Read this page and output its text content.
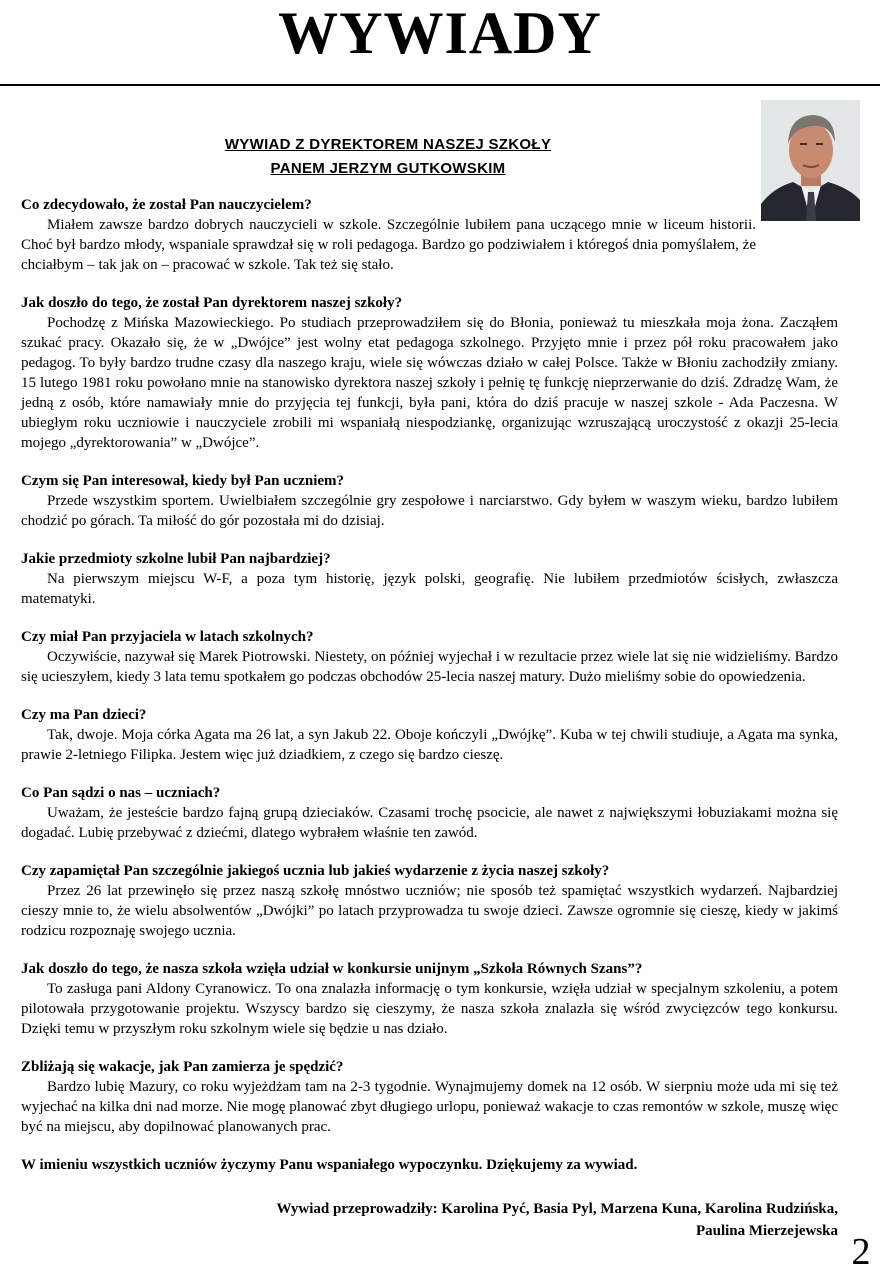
WYWIADY
WYWIAD Z DYREKTOREM NASZEJ SZKOŁY
PANEM JERZYM GUTKOWSKIM

Co zdecydowało, że został Pan nauczycielem?

Miałem zawsze bardzo dobrych nauczycieli w szkole. Szczególnie lubiłem pana uczącego mnie w liceum historii. Choć był bardzo młody, wspaniale sprawdzał się w roli pedagoga. Bardzo go podziwiałem i któregoś dnia pomyślałem, że chciałbym – tak jak on – pracować w szkole. Tak też się stało.

Jak doszło do tego, że został Pan dyrektorem naszej szkoły?

Pochodzę z Mińska Mazowieckiego. Po studiach przeprowadziłem się do Błonia, ponieważ tu mieszkała moja żona. Zacząłem szukać pracy. Okazało się, że w „Dwójce” jest wolny etat pedagoga szkolnego. Przyjęto mnie i przez pół roku pracowałem jako pedagog. To były bardzo trudne czasy dla naszego kraju, wiele się wówczas działo w całej Polsce. Także w Błoniu zachodziły zmiany. 15 lutego 1981 roku powołano mnie na stanowisko dyrektora naszej szkoły i pełnię tę funkcję nieprzerwanie do dziś. Zdradzę Wam, że jedną z osób, które namawiały mnie do przyjęcia tej funkcji, była pani, która do dziś pracuje w naszej szkole - Ada Paczesna. W ubiegłym roku uczniowie i nauczyciele zrobili mi wspaniałą niespodziankę, organizując wzruszającą uroczystość z okazji 25-lecia mojego „dyrektorowania” w „Dwójce”.

Czym się Pan interesował, kiedy był Pan uczniem?

Przede wszystkim sportem. Uwielbiałem szczególnie gry zespołowe i narciarstwo. Gdy byłem w waszym wieku, bardzo lubiłem chodzić po górach. Ta miłość do gór pozostała mi do dzisiaj.

Jakie przedmioty szkolne lubił Pan najbardziej?

Na pierwszym miejscu W-F, a poza tym historię, język polski, geografię. Nie lubiłem przedmiotów ścisłych, zwłaszcza matematyki.

Czy miał Pan przyjaciela w latach szkolnych?

Oczywiście, nazywał się Marek Piotrowski. Niestety, on później wyjechał i w rezultacie przez wiele lat się nie widzieliśmy. Bardzo się ucieszyłem, kiedy 3 lata temu spotkałem go podczas obchodów 25-lecia naszej matury. Dużo mieliśmy sobie do opowiedzenia.

Czy ma Pan dzieci?

Tak, dwoje. Moja córka Agata ma 26 lat, a syn Jakub 22. Oboje kończyli „Dwójkę”. Kuba w tej chwili studiuje, a Agata ma synka, prawie 2-letniego Filipka. Jestem więc już dziadkiem, z czego się bardzo cieszę.

Co Pan sądzi o nas – uczniach?

Uważam, że jesteście bardzo fajną grupą dzieciaków. Czasami trochę psocicie, ale nawet z największymi łobuziakami można się dogadać. Lubię przebywać z dziećmi, dlatego wybrałem właśnie ten zawód.

Czy zapamiętał Pan szczególnie jakiegoś ucznia lub jakieś wydarzenie z życia naszej szkoły?

Przez 26 lat przewinęło się przez naszą szkołę mnóstwo uczniów; nie sposób też spamiętać wszystkich wydarzeń. Najbardziej cieszy mnie to, że wielu absolwentów „Dwójki” po latach przyprowadza tu swoje dzieci. Zawsze ogromnie się cieszę, kiedy w jakimś rodzicu rozpoznaję swojego ucznia.

Jak doszło do tego, że nasza szkoła wzięła udział w konkursie unijnym „Szkoła Równych Szans”?

To zasługa pani Aldony Cyranowicz. To ona znalazła informację o tym konkursie, wzięła udział w specjalnym szkoleniu, a potem pilotowała przygotowanie projektu. Wszyscy bardzo się cieszymy, że nasza szkoła znalazła się wśród zwycięzców tego konkursu. Dzięki temu w przyszłym roku szkolnym wiele się będzie u nas działo.

Zbliżają się wakacje, jak Pan zamierza je spędzić?

Bardzo lubię Mazury, co roku wyjeżdżam tam na 2-3 tygodnie. Wynajmujemy domek na 12 osób. W sierpniu może uda mi się też wyjechać na kilka dni nad morze. Nie mogę planować zbyt długiego urlopu, ponieważ wakacje to czas remontów w szkole, muszę więc być na miejscu, aby dopilnować planowanych prac.

W imieniu wszystkich uczniów życzymy Panu wspaniałego wypoczynku. Dziękujemy za wywiad.

Wywiad przeprowadziły: Karolina Pyć, Basia Pyl, Marzena Kuna, Karolina Rudzińska,
Paulina Mierzejewska 2
